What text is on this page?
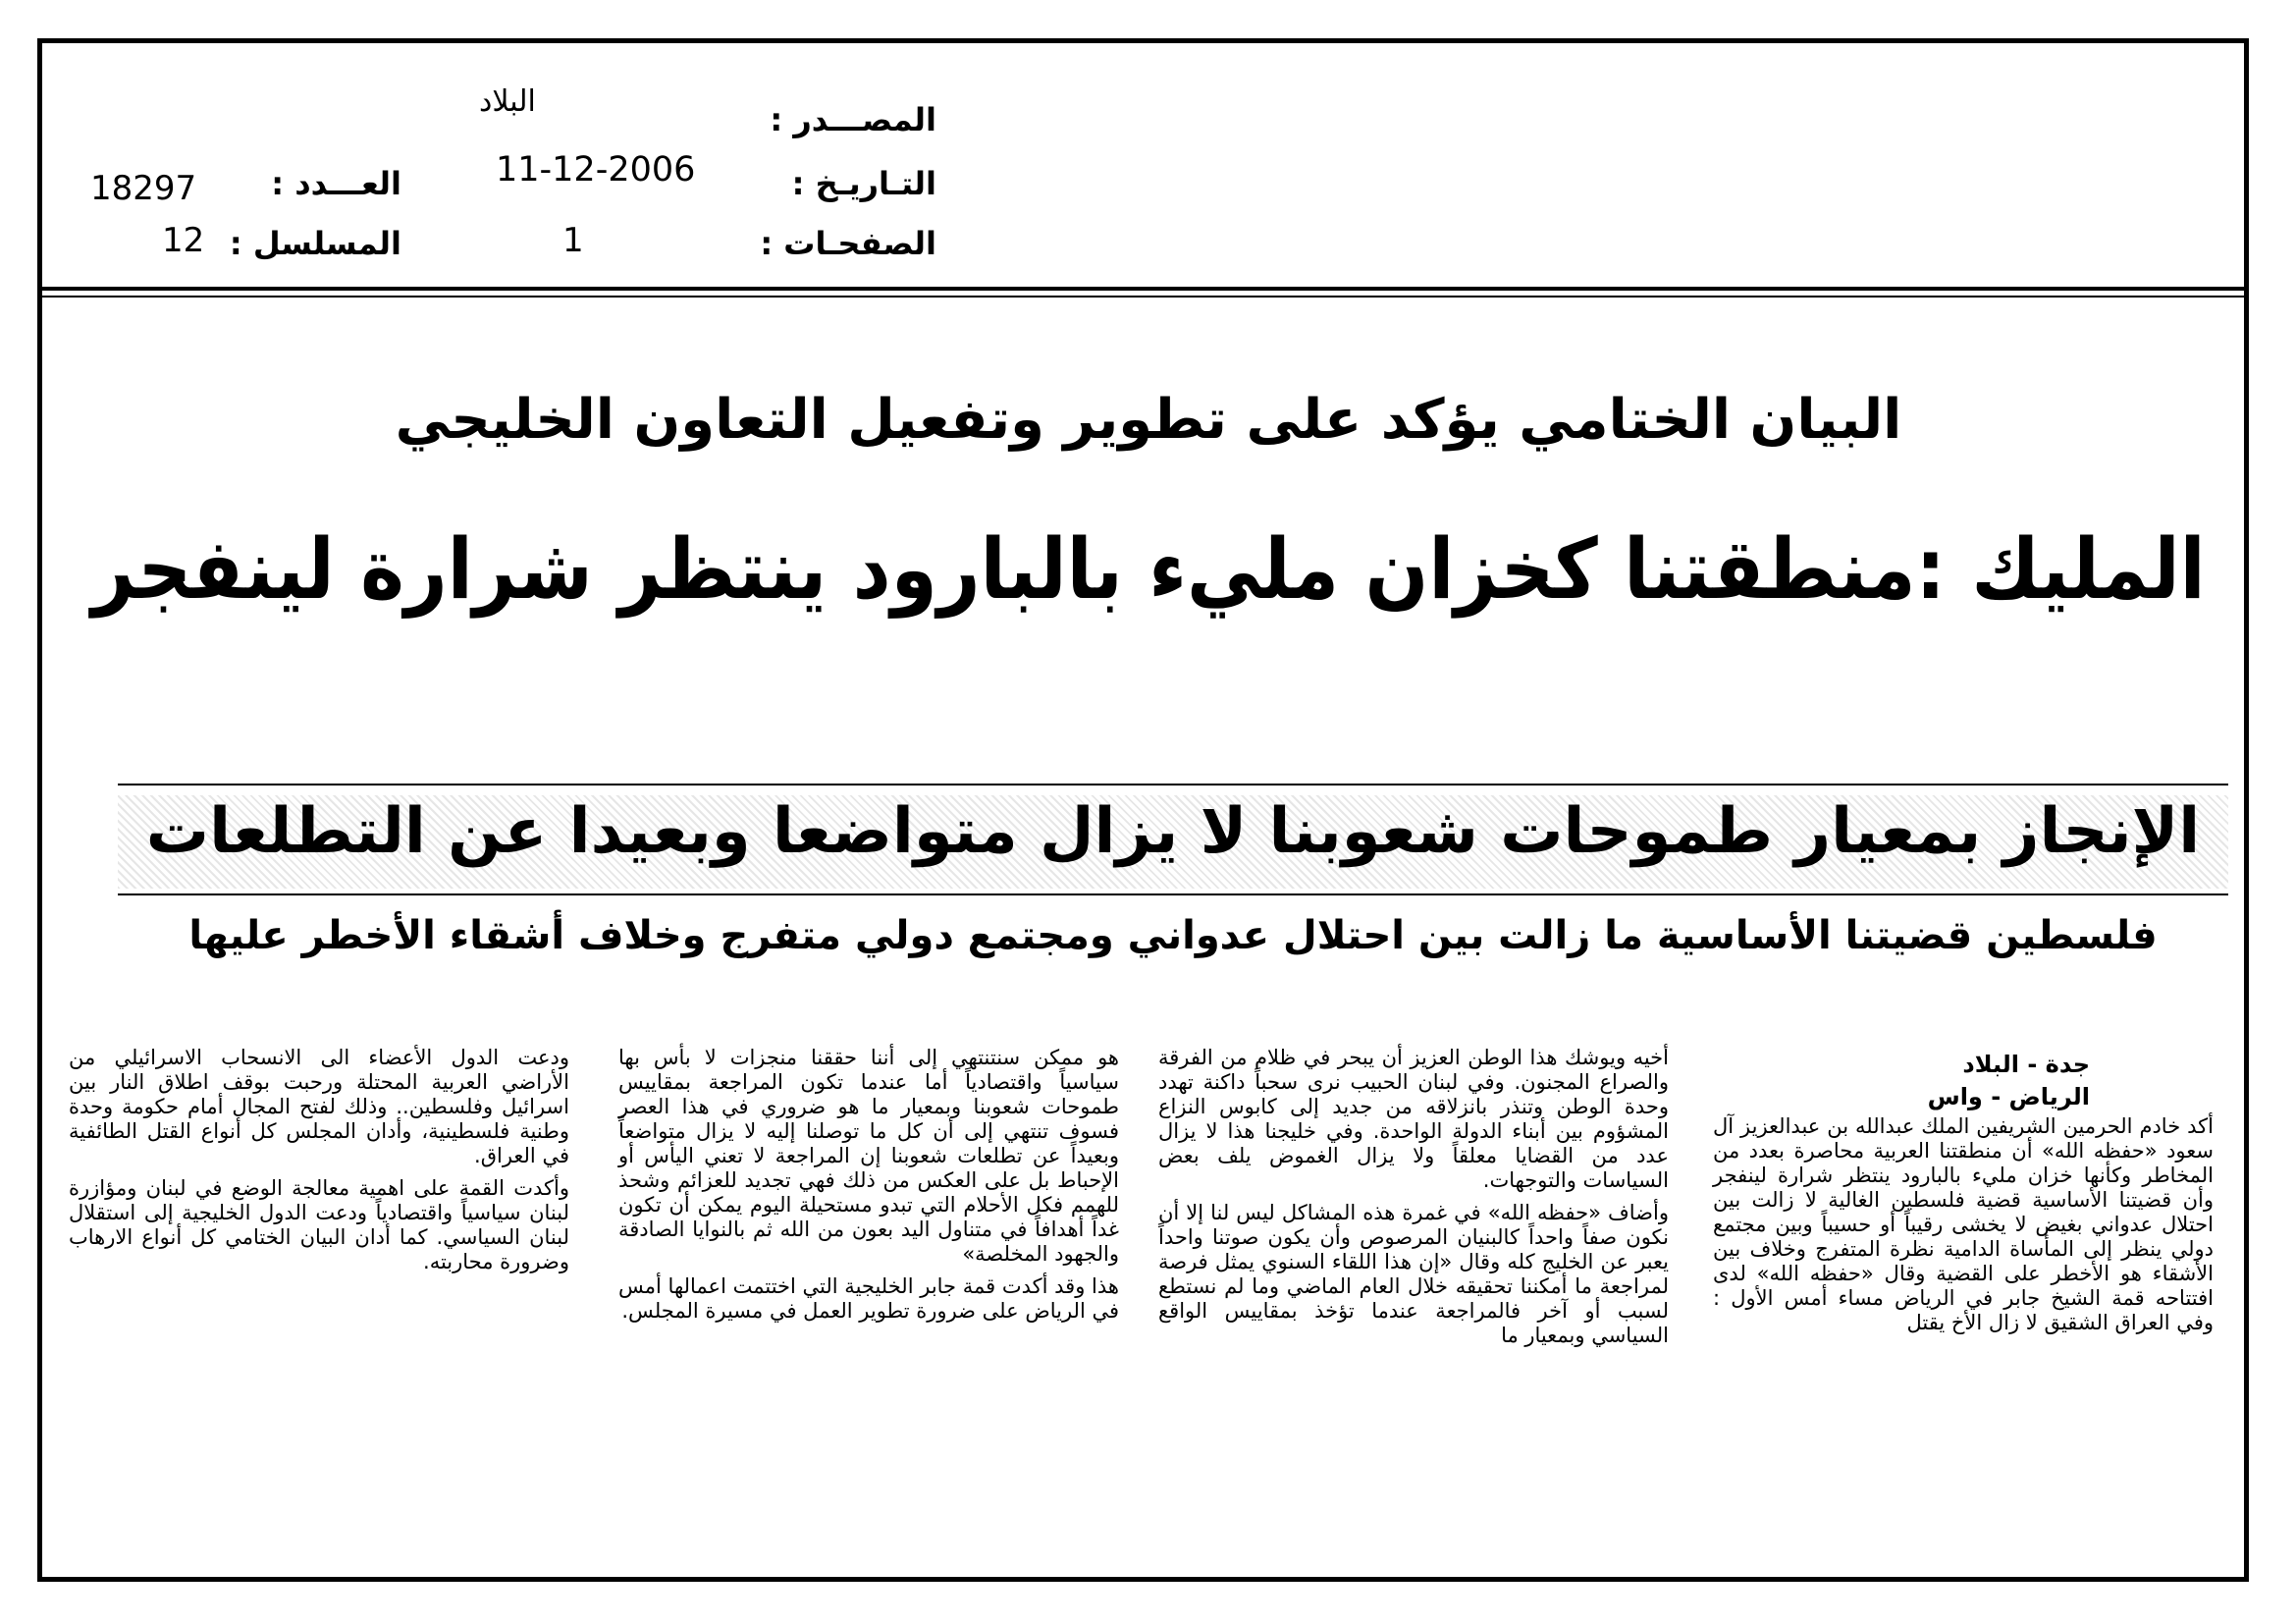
المصـــدر :
التـاريـخ :
الصفحـات :
العـــدد :
المسلسل :
البلاد
11-12-2006
1
18297
12
البيان الختامي يؤكد على تطوير وتفعيل التعاون الخليجي
المليك :منطقتنا كخزان مليء بالبارود ينتظر شرارة لينفجر
الإنجاز بمعيار طموحات شعوبنا لا يزال متواضعا وبعيدا عن التطلعات
فلسطين قضيتنا الأساسية ما زالت بين احتلال عدواني ومجتمع دولي متفرج وخلاف أشقاء الأخطر عليها
جدة - البلاد
الرياض - واس

أكد خادم الحرمين الشريفين الملك عبدالله بن عبدالعزيز آل سعود «حفظه الله» أن منطقتنا العربية محاصرة بعدد من المخاطر وكأنها خزان مليء بالبارود ينتظر شرارة لينفجر وأن قضيتنا الأساسية قضية فلسطين الغالية لا زالت بين احتلال عدواني بغيض لا يخشى رقيباً أو حسيباً وبين مجتمع دولي ينظر إلى المأساة الدامية نظرة المتفرج وخلاف بين الأشقاء هو الأخطر على القضية وقال «حفظه الله» لدى افتتاحه قمة الشيخ جابر في الرياض مساء أمس الأول : وفي العراق الشقيق لا زال الأخ يقتل

أخيه ويوشك هذا الوطن العزيز أن يبحر في ظلام من الفرقة والصراع المجنون. وفي لبنان الحبيب نرى سحباً داكنة تهدد وحدة الوطن وتنذر بانزلاقه من جديد إلى كابوس النزاع المشؤوم بين أبناء الدولة الواحدة. وفي خليجنا هذا لا يزال عدد من القضايا معلقاً ولا يزال الغموض يلف بعض السياسات والتوجهات.

وأضاف «حفظه الله» في غمرة هذه المشاكل ليس لنا إلا أن نكون صفاً واحداً كالبنيان المرصوص وأن يكون صوتنا واحداً يعبر عن الخليج كله وقال «إن هذا اللقاء السنوي يمثل فرصة لمراجعة ما أمكننا تحقيقه خلال العام الماضي وما لم نستطع لسبب أو آخر فالمراجعة عندما تؤخذ بمقاييس الواقع السياسي وبمعيار ما

هو ممكن سنتنتهي إلى أننا حققنا منجزات لا بأس بها سياسياً واقتصادياً أما عندما تكون المراجعة بمقاييس طموحات شعوبنا وبمعيار ما هو ضروري في هذا العصر فسوف تنتهي إلى أن كل ما توصلنا إليه لا يزال متواضعاً وبعيداً عن تطلعات شعوبنا إن المراجعة لا تعني اليأس أو الإحباط بل على العكس من ذلك فهي تجديد للعزائم وشحذ للهمم فكل الأحلام التي تبدو مستحيلة اليوم يمكن أن تكون غداً أهدافاً في متناول اليد بعون من الله ثم بالنوايا الصادقة والجهود المخلصة»

هذا وقد أكدت قمة جابر الخليجية التي اختتمت اعمالها أمس في الرياض على ضرورة تطوير العمل في مسيرة المجلس.

ودعت الدول الأعضاء الى الانسحاب الاسرائيلي من الأراضي العربية المحتلة ورحبت بوقف اطلاق النار بين اسرائيل وفلسطين.. وذلك لفتح المجال أمام حكومة وحدة وطنية فلسطينية، وأدان المجلس كل أنواع القتل الطائفية في العراق.

وأكدت القمة على اهمية معالجة الوضع في لبنان ومؤازرة لبنان سياسياً واقتصادياً ودعت الدول الخليجية إلى استقلال لبنان السياسي. كما أدان البيان الختامي كل أنواع الارهاب وضرورة محاربته.
